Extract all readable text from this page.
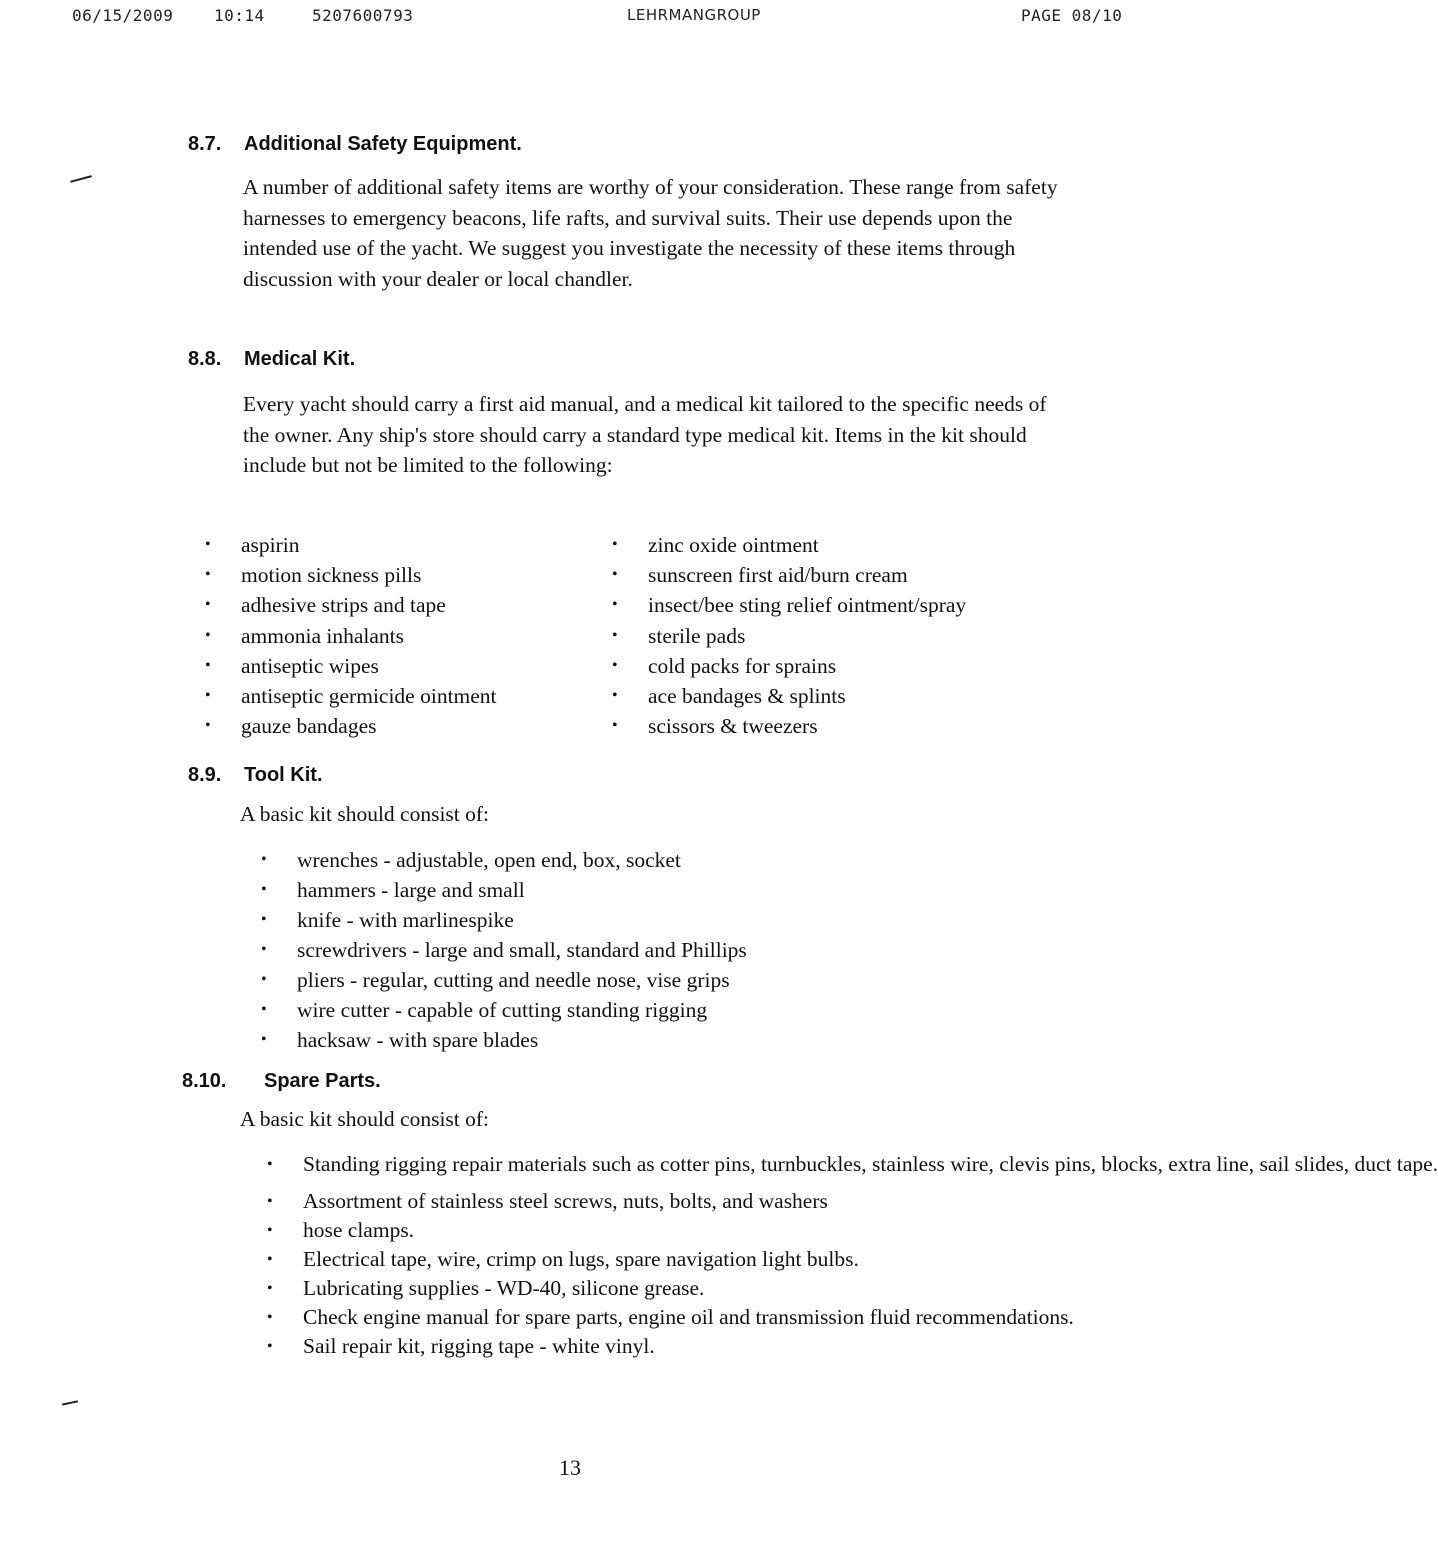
06/15/2009	10:14	5207600793	LEHRMANGROUP	PAGE 08/10
8.7. Additional Safety Equipment.

A number of additional safety items are worthy of your consideration. These range from safety harnesses to emergency beacons, life rafts, and survival suits. Their use depends upon the intended use of the yacht. We suggest you investigate the necessity of these items through discussion with your dealer or local chandler.

8.8. Medical Kit.

Every yacht should carry a first aid manual, and a medical kit tailored to the specific needs of the owner. Any ship's store should carry a standard type medical kit. Items in the kit should include but not be limited to the following:

• aspirin
• motion sickness pills
• adhesive strips and tape
• ammonia inhalants
• antiseptic wipes
• antiseptic germicide ointment
• gauze bandages
• zinc oxide ointment
• sunscreen first aid/burn cream
• insect/bee sting relief ointment/spray
• sterile pads
• cold packs for sprains
• ace bandages & splints
• scissors & tweezers
8.9. Tool Kit.
A basic kit should consist of:
• wrenches - adjustable, open end, box, socket
• hammers - large and small
• knife - with marlinespike
• screwdrivers - large and small, standard and Phillips
• pliers - regular, cutting and needle nose, vise grips
• wire cutter - capable of cutting standing rigging
• hacksaw - with spare blades
8.10. Spare Parts.
A basic kit should consist of:
• Standing rigging repair materials such as cotter pins, turnbuckles, stainless wire, clevis pins, blocks, extra line, sail slides, duct tape.
• Assortment of stainless steel screws, nuts, bolts, and washers
• hose clamps.
• Electrical tape, wire, crimp on lugs, spare navigation light bulbs.
• Lubricating supplies - WD-40, silicone grease.
• Check engine manual for spare parts, engine oil and transmission fluid recommendations.
• Sail repair kit, rigging tape - white vinyl.
13
